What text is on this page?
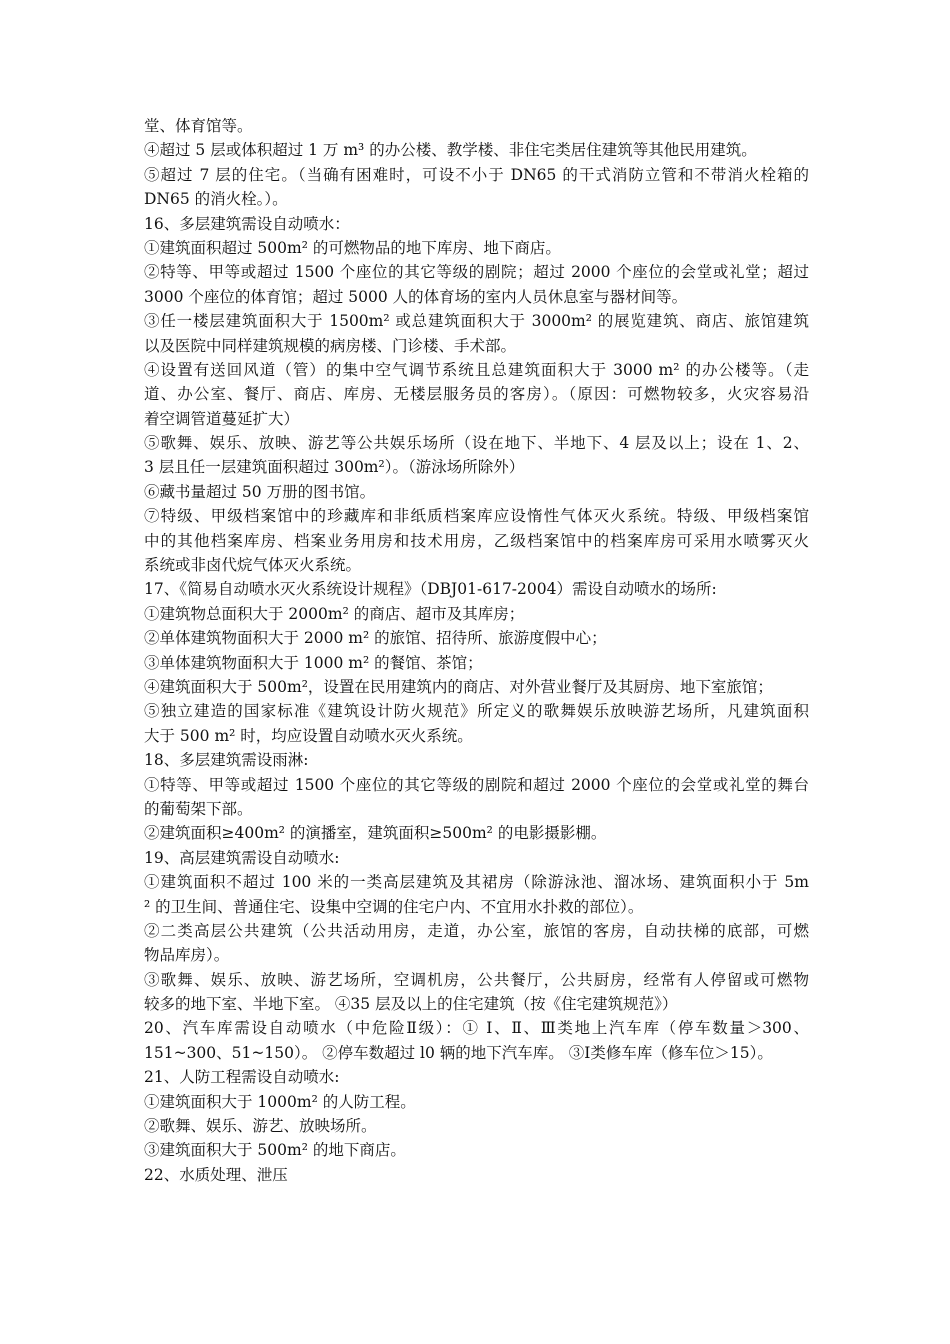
堂、体育馆等。
④超过 5 层或体积超过 1 万 m³ 的办公楼、教学楼、非住宅类居住建筑等其他民用建筑。
⑤超过 7 层的住宅。（当确有困难时，可设不小于 DN65 的干式消防立管和不带消火栓箱的
DN65 的消火栓。）。
16、多层建筑需设自动喷水：
①建筑面积超过 500m² 的可燃物品的地下库房、地下商店。
②特等、甲等或超过 1500 个座位的其它等级的剧院；超过 2000 个座位的会堂或礼堂；超过
3000 个座位的体育馆；超过 5000 人的体育场的室内人员休息室与器材间等。
③任一楼层建筑面积大于 1500m² 或总建筑面积大于 3000m² 的展览建筑、商店、旅馆建筑
以及医院中同样建筑规模的病房楼、门诊楼、手术部。
④设置有送回风道（管）的集中空气调节系统且总建筑面积大于 3000 m² 的办公楼等。（走
道、办公室、餐厅、商店、库房、无楼层服务员的客房）。（原因：可燃物较多，火灾容易沿
着空调管道蔓延扩大）
⑤歌舞、娱乐、放映、游艺等公共娱乐场所（设在地下、半地下、4 层及以上；设在 1、2、
3 层且任一层建筑面积超过 300m²）。（游泳场所除外）
⑥藏书量超过 50 万册的图书馆。
⑦特级、甲级档案馆中的珍藏库和非纸质档案库应设惰性气体灭火系统。特级、甲级档案馆
中的其他档案库房、档案业务用房和技术用房，乙级档案馆中的档案库房可采用水喷雾灭火
系统或非卤代烷气体灭火系统。
17、《简易自动喷水灭火系统设计规程》（DBJ01-617-2004）需设自动喷水的场所:
①建筑物总面积大于 2000m² 的商店、超市及其库房；
②单体建筑物面积大于 2000 m² 的旅馆、招待所、旅游度假中心；
③单体建筑物面积大于 1000 m² 的餐馆、茶馆；
④建筑面积大于 500m²，设置在民用建筑内的商店、对外营业餐厅及其厨房、地下室旅馆；
⑤独立建造的国家标准《建筑设计防火规范》所定义的歌舞娱乐放映游艺场所，凡建筑面积
大于 500 m² 时，均应设置自动喷水灭火系统。
18、多层建筑需设雨淋:
①特等、甲等或超过 1500 个座位的其它等级的剧院和超过 2000 个座位的会堂或礼堂的舞台
的葡萄架下部。
②建筑面积≥400m² 的演播室，建筑面积≥500m² 的电影摄影棚。
19、高层建筑需设自动喷水:
①建筑面积不超过 100 米的一类高层建筑及其裙房（除游泳池、溜冰场、建筑面积小于 5m
² 的卫生间、普通住宅、设集中空调的住宅户内、不宜用水扑救的部位）。
②二类高层公共建筑（公共活动用房，走道，办公室，旅馆的客房，自动扶梯的底部，可燃
物品库房）。
③歌舞、娱乐、放映、游艺场所，空调机房，公共餐厅，公共厨房，经常有人停留或可燃物
较多的地下室、半地下室。 ④35 层及以上的住宅建筑（按《住宅建筑规范》）
20、汽车库需设自动喷水（中危险Ⅱ级）：① Ⅰ、Ⅱ、Ⅲ类地上汽车库（停车数量＞300、
151~300、51~150）。 ②停车数超过 l0 辆的地下汽车库。 ③Ⅰ类修车库（修车位＞15）。
21、人防工程需设自动喷水:
①建筑面积大于 1000m² 的人防工程。
②歌舞、娱乐、游艺、放映场所。
③建筑面积大于 500m² 的地下商店。
22、水质处理、泄压
